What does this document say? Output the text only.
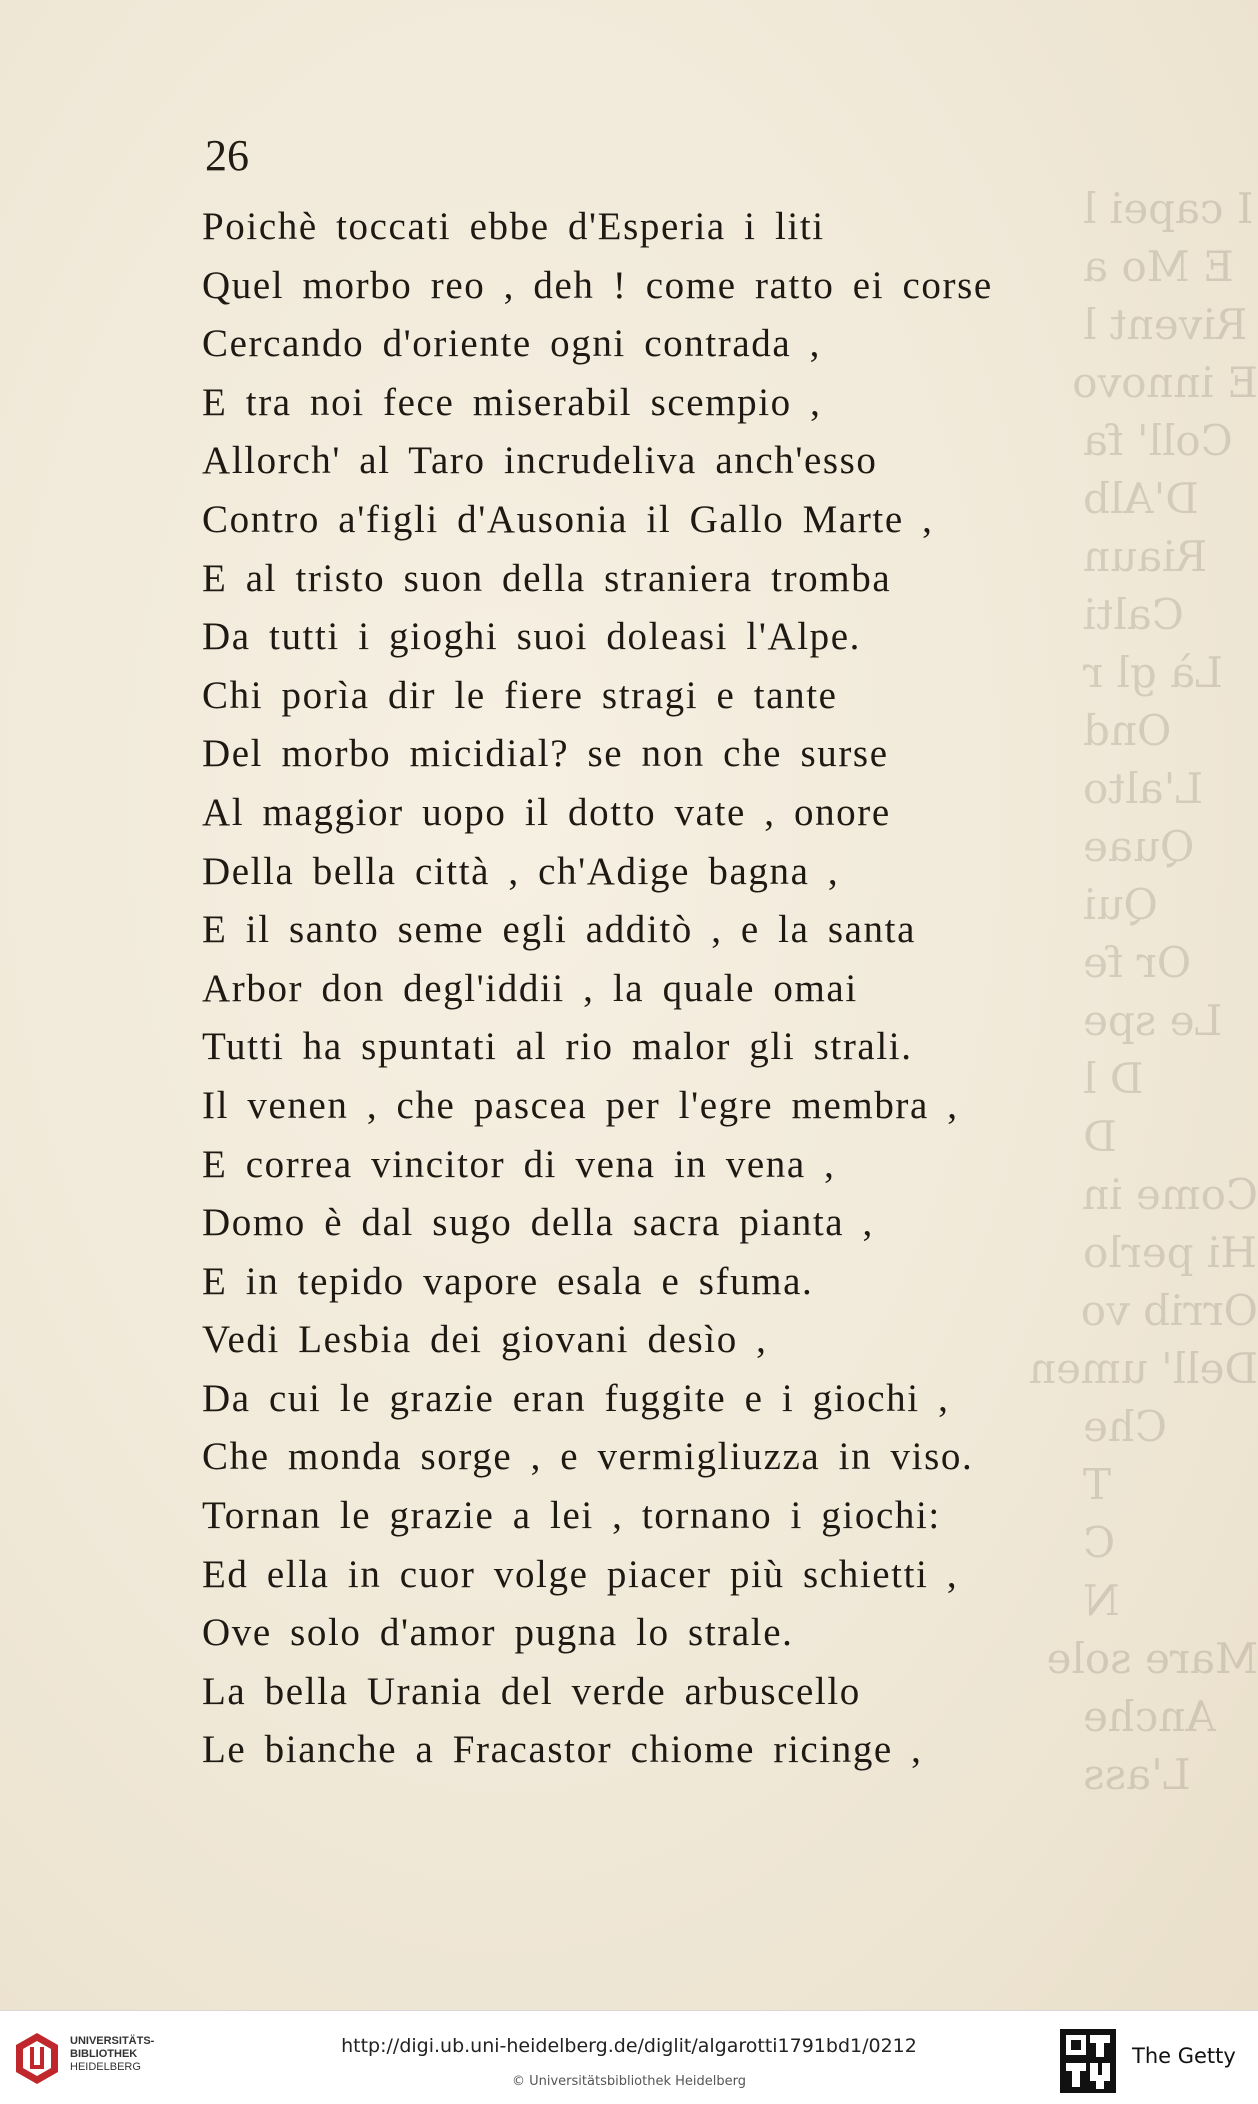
I capei l
E Mo a
Rivent l
E innovo
Coll' fa
D'Alb
Riaun
Calti
Là gl r
Ond
L'alto
Quae
Qui
Or fe
Le spe
D l
D
Come in
Hi perlo
Orrib vo
Dell' umen
Che
T
C
N
Mare sole
Anche
L'ass
26
Poichè toccati ebbe d'Esperia i liti
Quel morbo reo , deh ! come ratto ei corse
Cercando d'oriente ogni contrada ,
E tra noi fece miserabil scempio ,
Allorch' al Taro incrudeliva anch'esso
Contro a'figli d'Ausonia il Gallo Marte ,
E al tristo suon della straniera tromba
Da tutti i gioghi suoi doleasi l'Alpe.
Chi porìa dir le fiere stragi e tante
Del morbo micidial? se non che surse
Al maggior uopo il dotto vate , onore
Della bella città , ch'Adige bagna ,
E il santo seme egli additò , e la santa
Arbor don degl'iddii , la quale omai
Tutti ha spuntati al rio malor gli strali.
Il venen , che pascea per l'egre membra ,
E correa vincitor di vena in vena ,
Domo è dal sugo della sacra pianta ,
E in tepido vapore esala e sfuma.
Vedi Lesbia dei giovani desìo ,
Da cui le grazie eran fuggite e i giochi ,
Che monda sorge , e vermigliuzza in viso.
Tornan le grazie a lei , tornano i giochi:
Ed ella in cuor volge piacer più schietti ,
Ove solo d'amor pugna lo strale.
La bella Urania del verde arbuscello
Le bianche a Fracastor chiome ricinge ,
UNIVERSITÄTS-
BIBLIOTHEK
HEIDELBERG
http://digi.ub.uni-heidelberg.de/diglit/algarotti1791bd1/0212
© Universitätsbibliothek Heidelberg
The Getty
